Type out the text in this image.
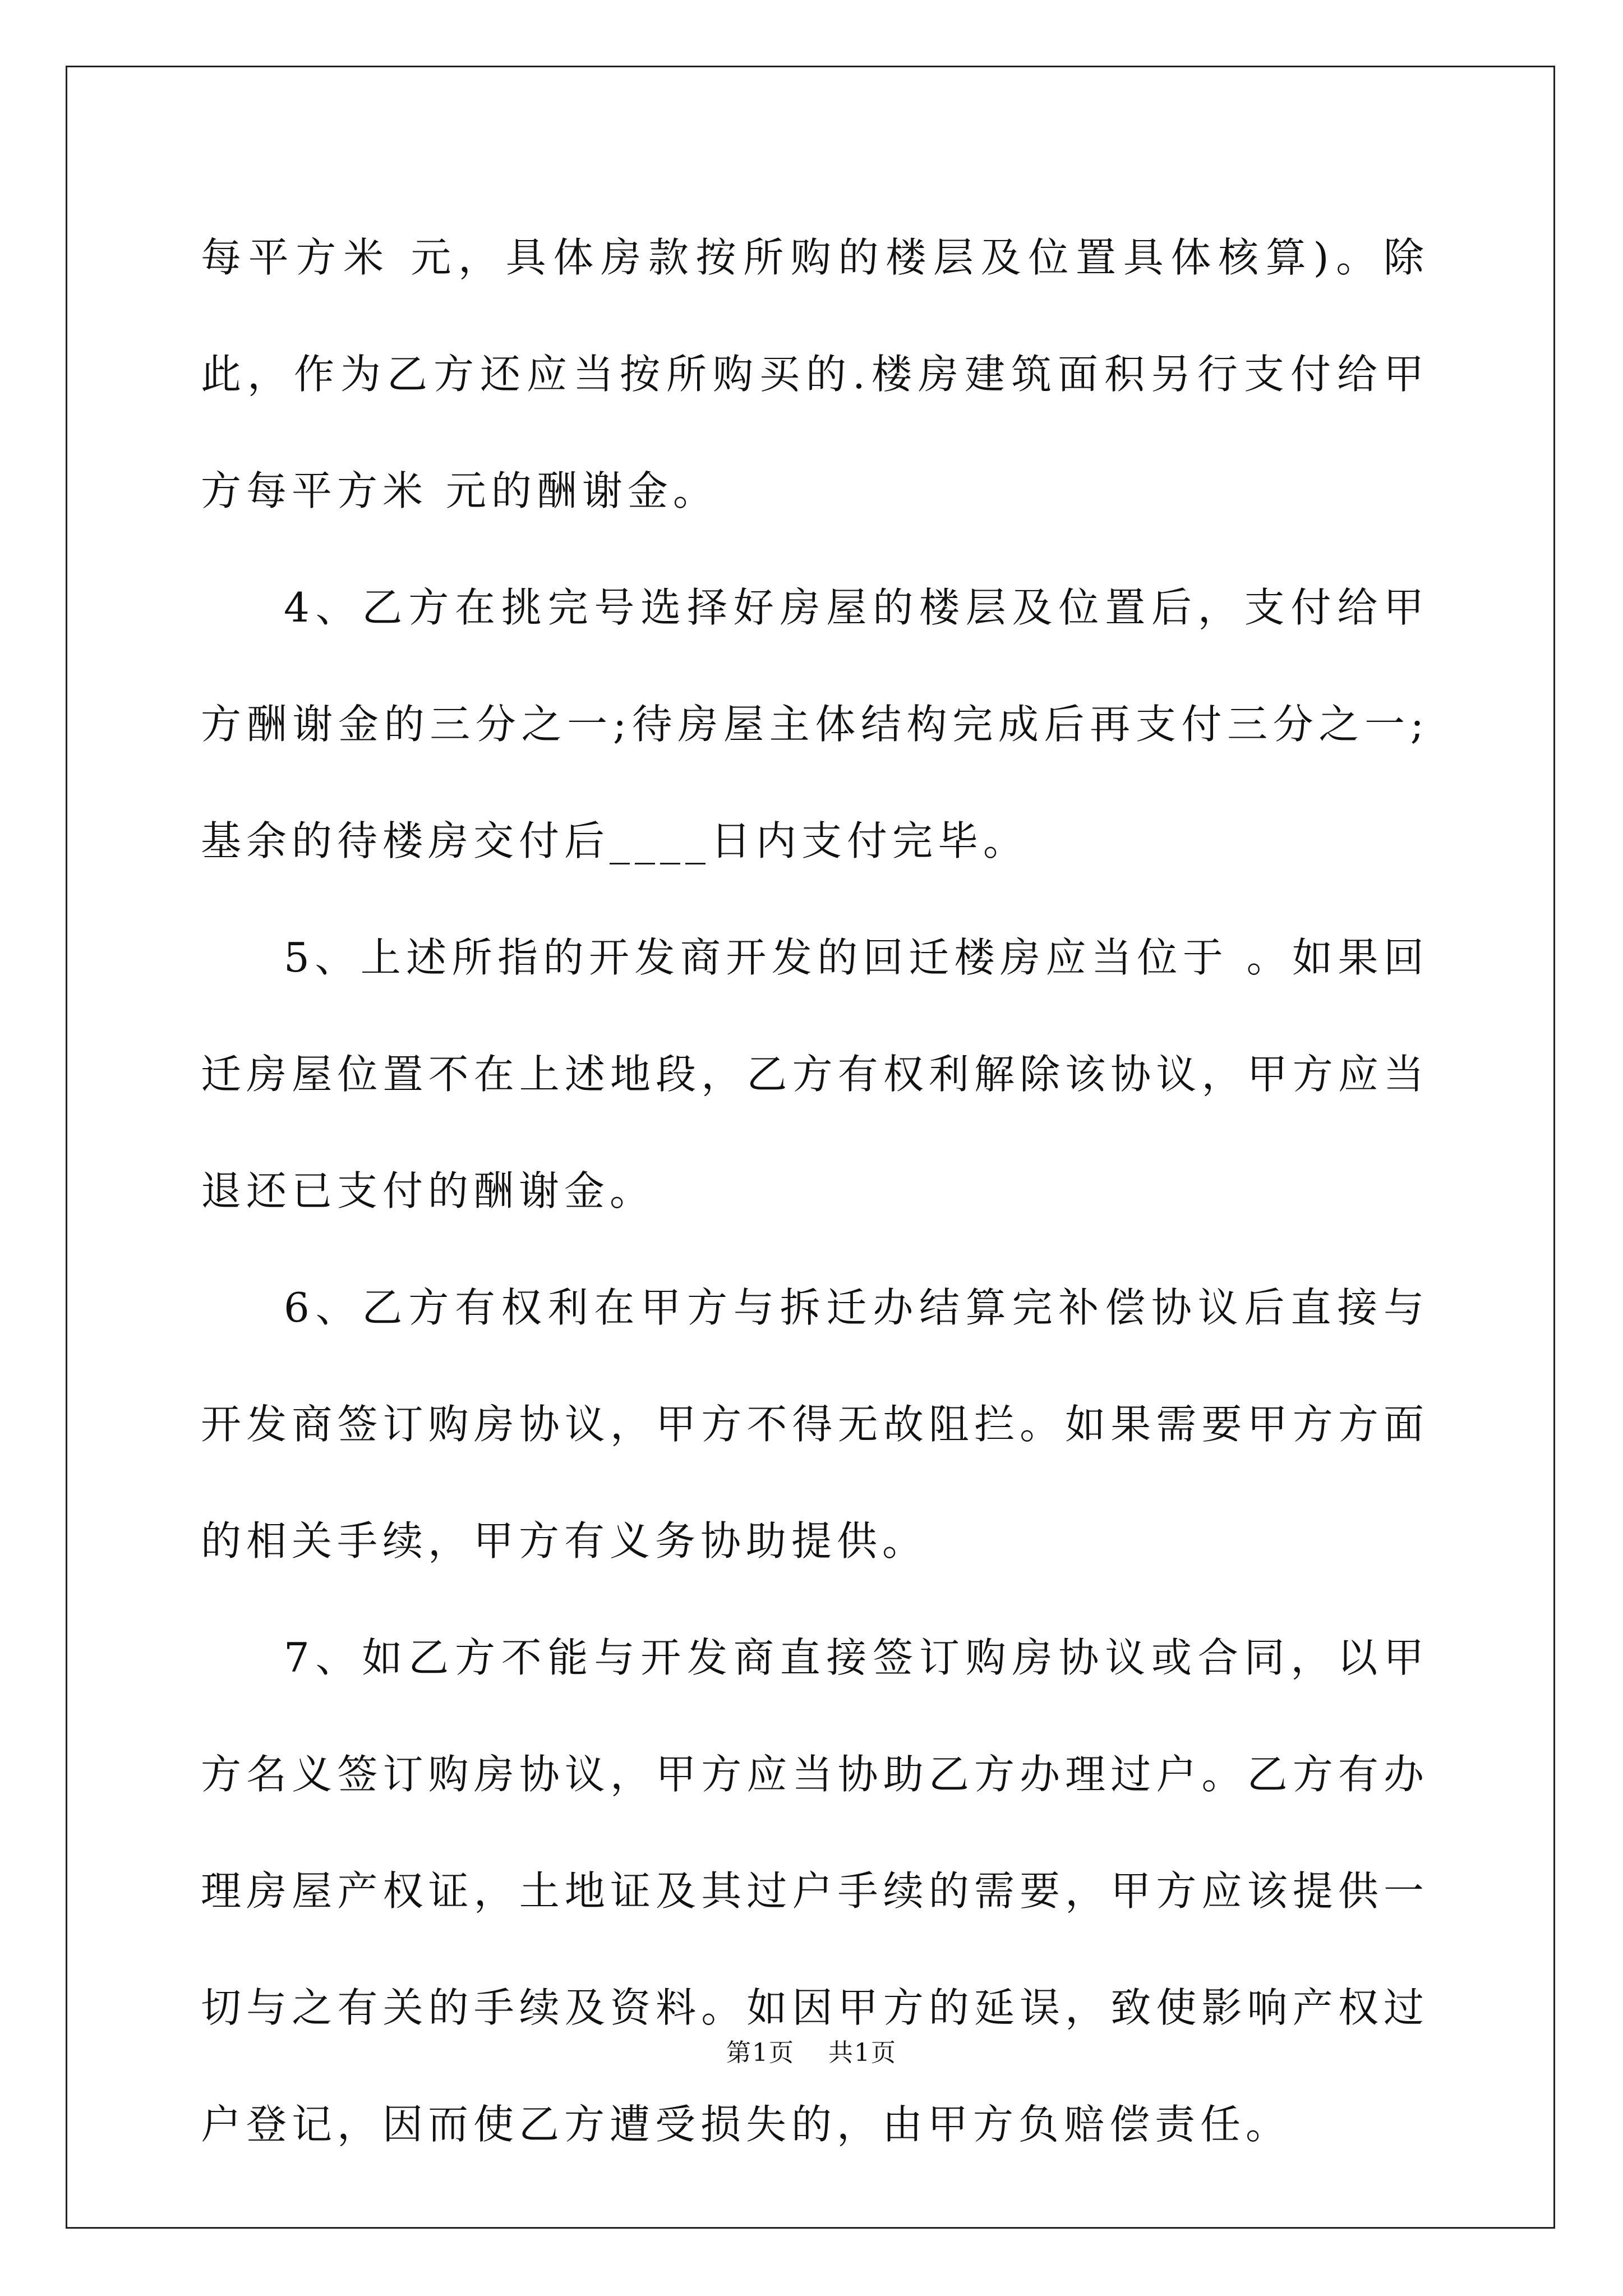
每平方米 元，具体房款按所购的楼层及位置具体核算)。除此，作为乙方还应当按所购买的.楼房建筑面积另行支付给甲方每平方米 元的酬谢金。

4、乙方在挑完号选择好房屋的楼层及位置后，支付给甲方酬谢金的三分之一;待房屋主体结构完成后再支付三分之一;基余的待楼房交付后____日内支付完毕。

5、上述所指的开发商开发的回迁楼房应当位于 。如果回迁房屋位置不在上述地段，乙方有权利解除该协议，甲方应当退还已支付的酬谢金。

6、乙方有权利在甲方与拆迁办结算完补偿协议后直接与开发商签订购房协议，甲方不得无故阻拦。如果需要甲方方面的相关手续，甲方有义务协助提供。

7、如乙方不能与开发商直接签订购房协议或合同，以甲方名义签订购房协议，甲方应当协助乙方办理过户。乙方有办理房屋产权证，土地证及其过户手续的需要，甲方应该提供一切与之有关的手续及资料。如因甲方的延误，致使影响产权过户登记，因而使乙方遭受损失的，由甲方负赔偿责任。

第1页 共1页
